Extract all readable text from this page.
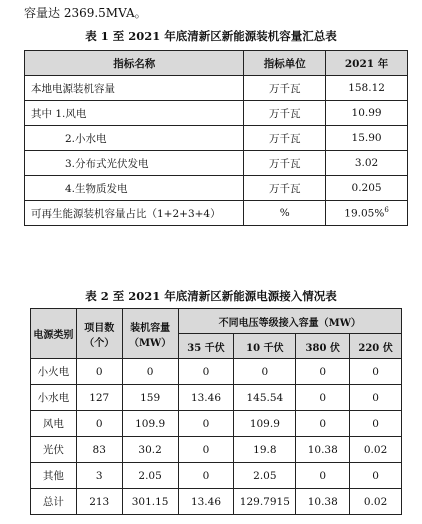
容量达 2369.5MVA。
表 1 至 2021 年底清新区新能源装机容量汇总表
指标名称	指标单位	2021 年
本地电源装机容量	万千瓦	158.12
其中 1.风电	万千瓦	10.99
2.小水电	万千瓦	15.90
3.分布式光伏发电	万千瓦	3.02
4.生物质发电	万千瓦	0.205
可再生能源装机容量占比（1+2+3+4）	%	19.05%$^6$
表 2 至 2021 年底清新区新能源电源接入情况表
电源类别	项目数（个）	装机容量（MW）	不同电压等级接入容量（MW）			
			35 千伏	10 千伏	380 伏	220 伏
小火电	0	0	0	0	0	0
小水电	127	159	13.46	145.54	0	0
风电	0	109.9	0	109.9	0	0
光伏	83	30.2	0	19.8	10.38	0.02
其他	3	2.05	0	2.05	0	0
总计	213	301.15	13.46	129.7915	10.38	0.02
